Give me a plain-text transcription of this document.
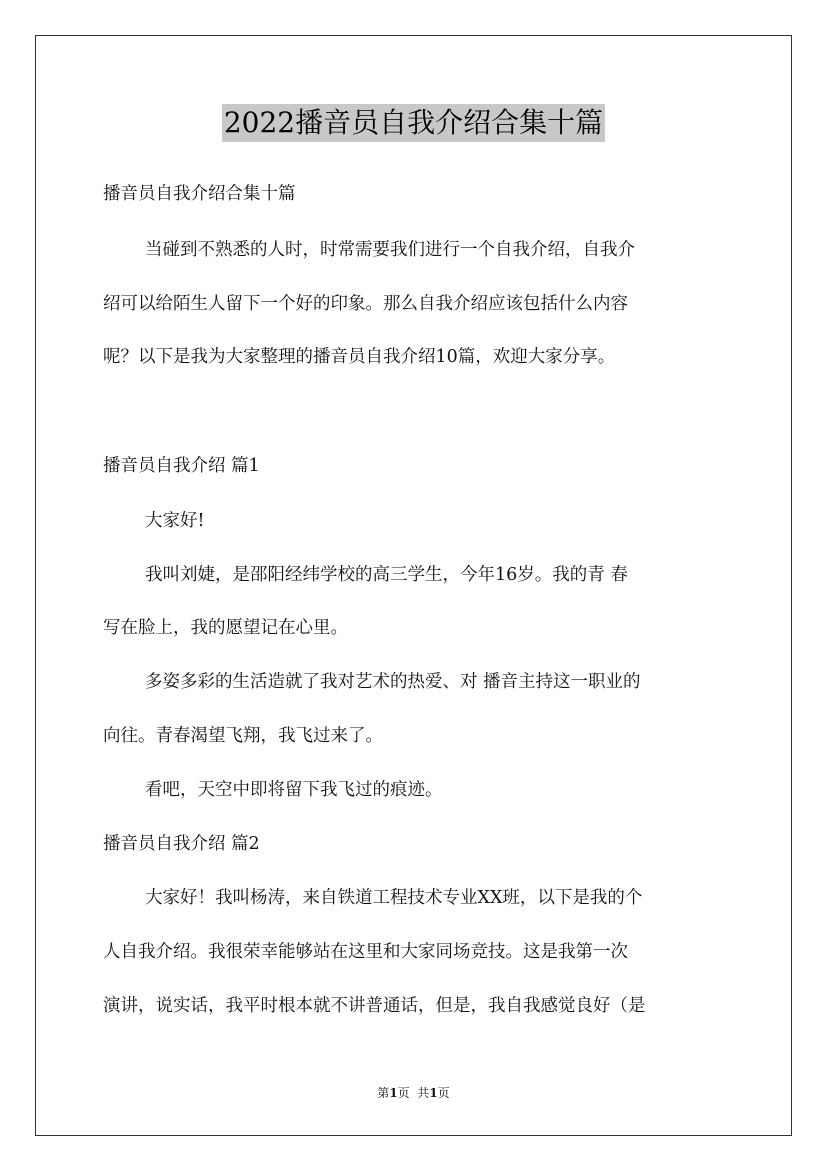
2022播音员自我介绍合集十篇

播音员自我介绍合集十篇

当碰到不熟悉的人时，时常需要我们进行一个自我介绍，自我介

绍可以给陌生人留下一个好的印象。那么自我介绍应该包括什么内容

呢？以下是我为大家整理的播音员自我介绍10篇，欢迎大家分享。

播音员自我介绍 篇1

大家好!

我叫刘婕，是邵阳经纬学校的高三学生，今年16岁。我的青 春

写在脸上，我的愿望记在心里。

多姿多彩的生活造就了我对艺术的热爱、对 播音主持这一职业的

向往。青春渴望飞翔，我飞过来了。

看吧，天空中即将留下我飞过的痕迹。

播音员自我介绍 篇2

大家好！我叫杨涛，来自铁道工程技术专业XX班，以下是我的个

人自我介绍。我很荣幸能够站在这里和大家同场竞技。这是我第一次

演讲，说实话，我平时根本就不讲普通话，但是，我自我感觉良好（是

第1页  共1页
